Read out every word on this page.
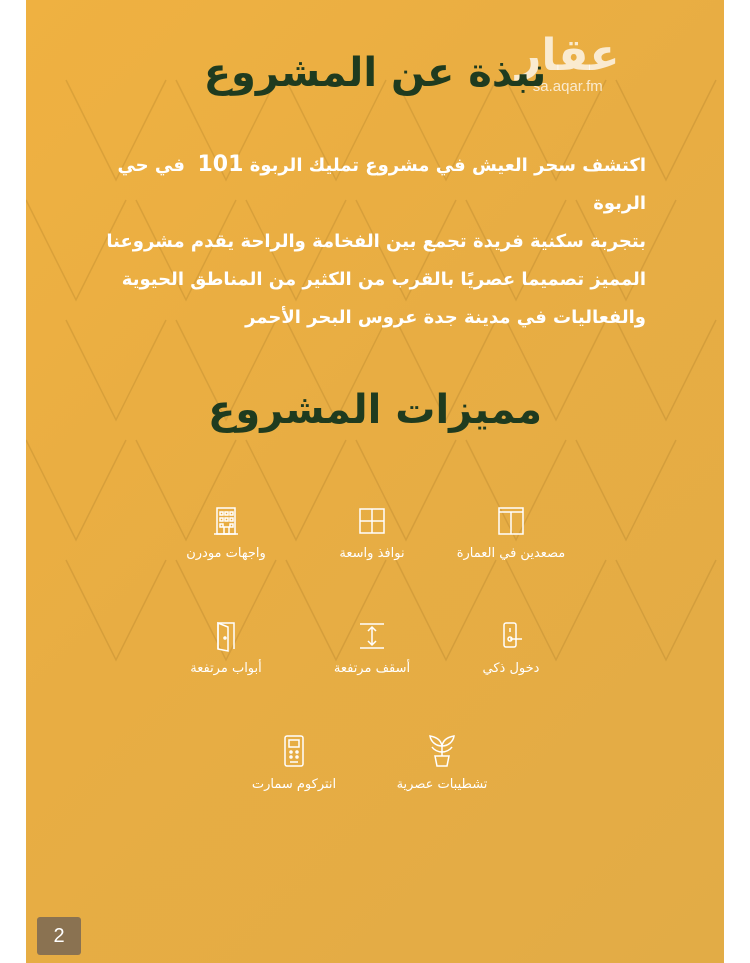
عقار
sa.aqar.fm
نبذة عن المشروع
اكتشف سحر العيش في مشروع تمليك الربوة 101  في حي الربوة
بتجربة سكنية فريدة تجمع بين الفخامة والراحة يقدم مشروعنا
المميز تصميما عصريًا بالقرب من الكثير من المناطق الحيوية
والفعاليات في مدينة جدة عروس البحر الأحمر
مميزات المشروع
مصعدين في العمارة
نوافذ واسعة
واجهات مودرن
دخول ذكي
أسقف مرتفعة
أبواب مرتفعة
تشطيبات عصرية
انتركوم سمارت
2
